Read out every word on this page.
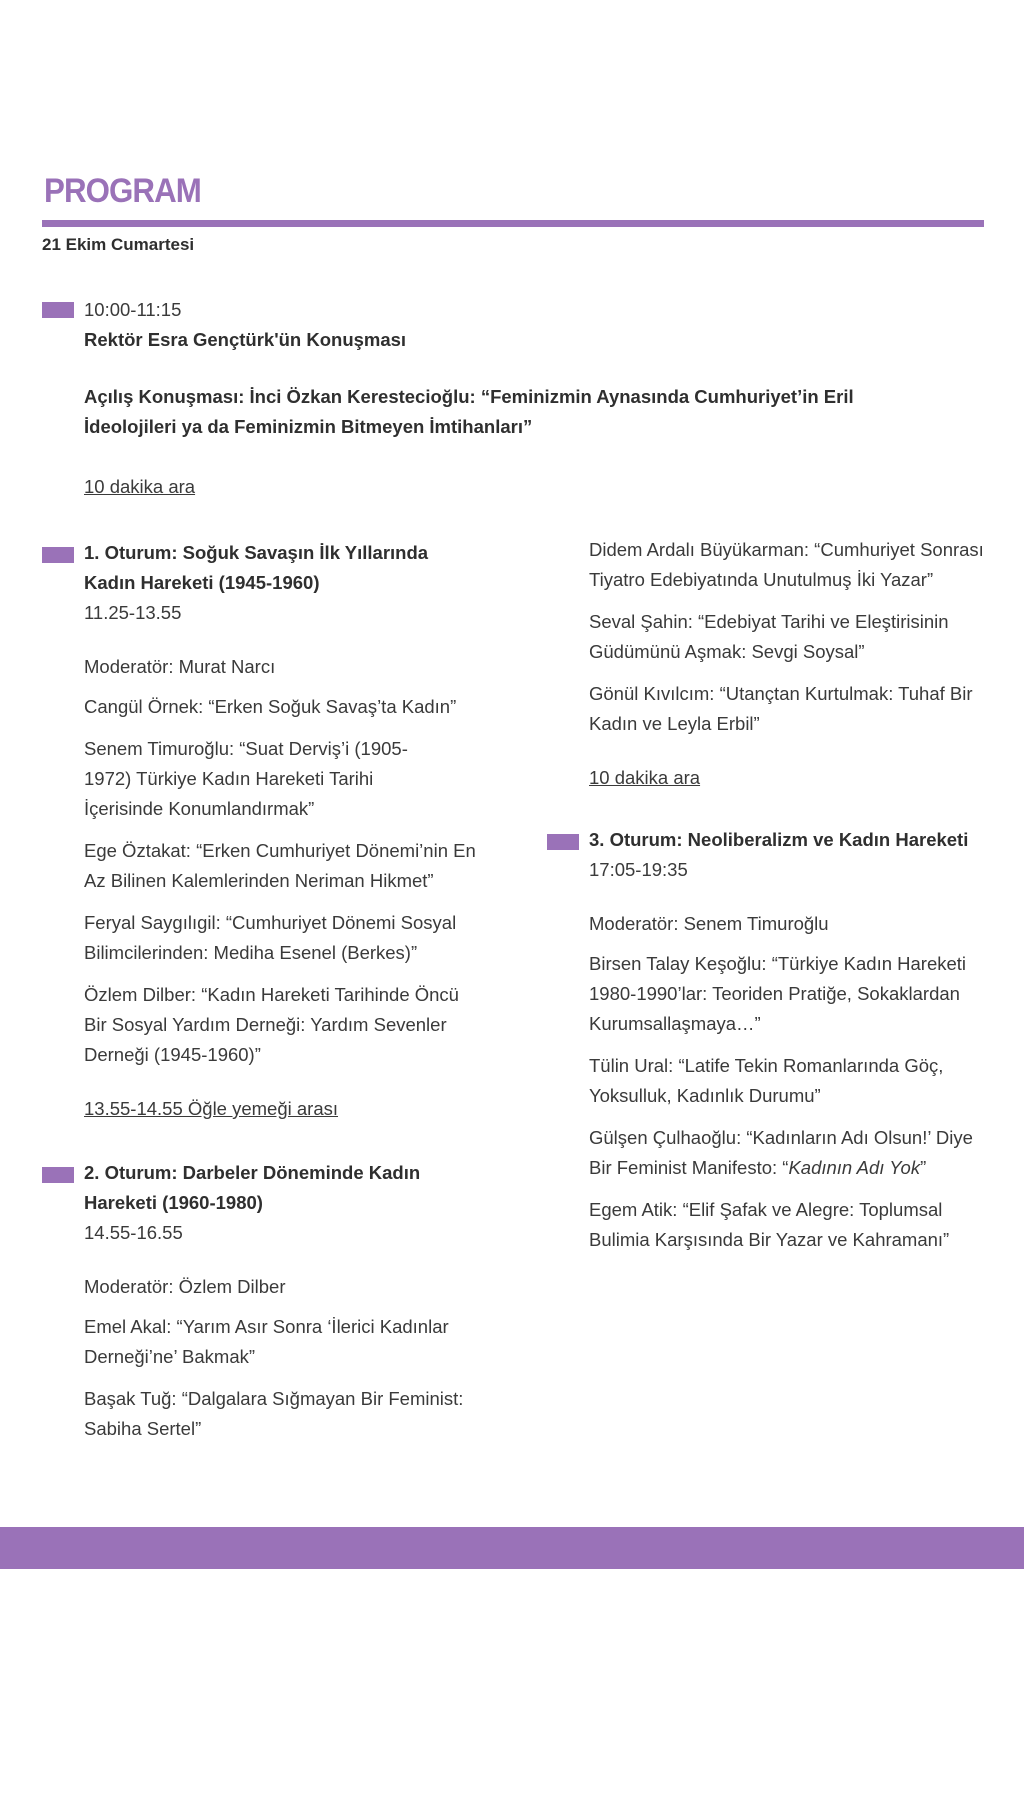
PROGRAM
21 Ekim Cumartesi
10:00-11:15
Rektör Esra Gençtürk'ün Konuşması
Açılış Konuşması: İnci Özkan Kerestecioğlu: “Feminizmin Aynasında Cumhuriyet’in Eril İdeolojileri ya da Feminizmin Bitmeyen İmtihanları”
10 dakika ara
1. Oturum: Soğuk Savaşın İlk Yıllarında Kadın Hareketi (1945-1960)
11.25-13.55
Moderatör: Murat Narcı
Cangül Örnek: “Erken Soğuk Savaş’ta Kadın”
Senem Timuroğlu: “Suat Derviş’i (1905-1972) Türkiye Kadın Hareketi Tarihi İçerisinde Konumlandırmak”
Ege Öztakat: “Erken Cumhuriyet Dönemi’nin En Az Bilinen Kalemlerinden Neriman Hikmet”
Feryal Saygılıgil: “Cumhuriyet Dönemi Sosyal Bilimcilerinden: Mediha Esenel (Berkes)”
Özlem Dilber: “Kadın Hareketi Tarihinde Öncü Bir Sosyal Yardım Derneği: Yardım Sevenler Derneği (1945-1960)”
13.55-14.55 Öğle yemeği arası
2. Oturum: Darbeler Döneminde Kadın Hareketi (1960-1980)
14.55-16.55
Moderatör: Özlem Dilber
Emel Akal: “Yarım Asır Sonra ‘İlerici Kadınlar Derneği’ne’ Bakmak”
Başak Tuğ: “Dalgalara Sığmayan Bir Feminist: Sabiha Sertel”
Didem Ardalı Büyükarman: “Cumhuriyet Sonrası Tiyatro Edebiyatında Unutulmuş İki Yazar”
Seval Şahin: “Edebiyat Tarihi ve Eleştirisinin Güdümünü Aşmak: Sevgi Soysal”
Gönül Kıvılcım: “Utançtan Kurtulmak: Tuhaf Bir Kadın ve Leyla Erbil”
10 dakika ara
3. Oturum: Neoliberalizm ve Kadın Hareketi
17:05-19:35
Moderatör: Senem Timuroğlu
Birsen Talay Keşoğlu: “Türkiye Kadın Hareketi 1980-1990’lar: Teoriden Pratiğe, Sokaklardan Kurumsallaşmaya…”
Tülin Ural: “Latife Tekin Romanlarında Göç, Yoksulluk, Kadınlık Durumu”
Gülşen Çulhaoğlu: “Kadınların Adı Olsun!’ Diye Bir Feminist Manifesto: “Kadının Adı Yok”
Egem Atik: “Elif Şafak ve Alegre: Toplumsal Bulimia Karşısında Bir Yazar ve Kahramanı”
